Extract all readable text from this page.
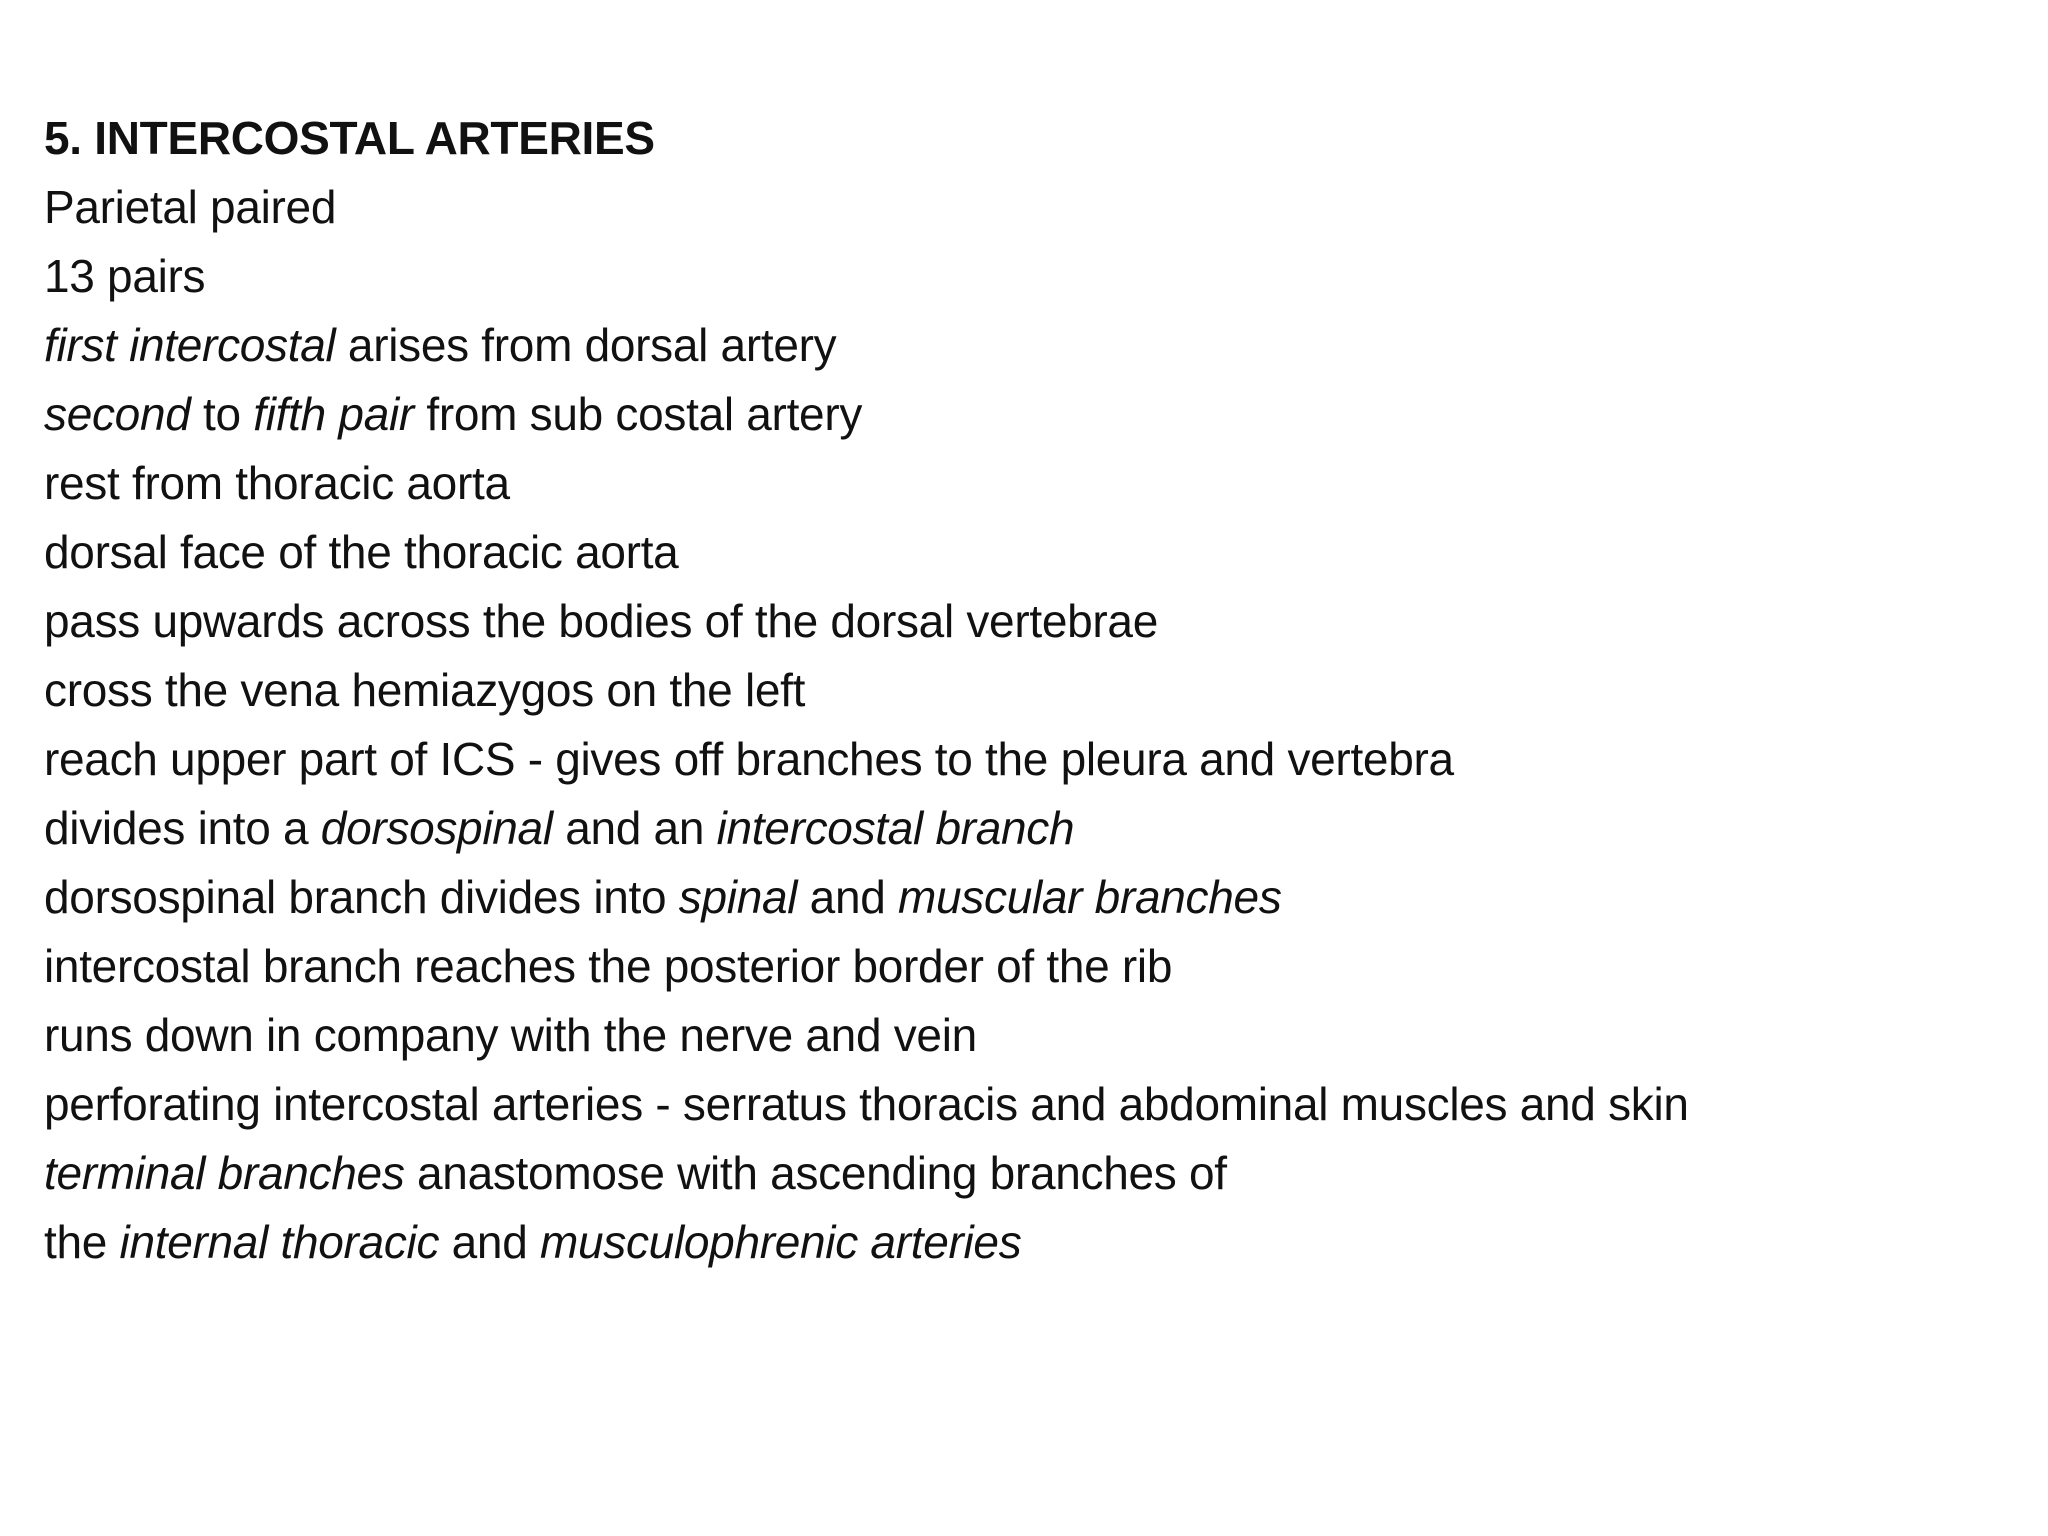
5. INTERCOSTAL ARTERIES
Parietal paired
13 pairs
first intercostal arises from dorsal artery
second to fifth pair from sub costal artery
rest from thoracic aorta
dorsal face of the thoracic aorta
pass upwards across the bodies of the dorsal vertebrae
cross the vena hemiazygos on the left
reach upper part of ICS - gives off branches to the pleura and vertebra
divides into a dorsospinal and an intercostal branch
dorsospinal branch divides into spinal and muscular branches
intercostal branch reaches the posterior border of the rib
runs down in company with the nerve and vein
perforating intercostal arteries - serratus thoracis and abdominal muscles and skin
terminal branches anastomose with ascending branches of
the internal thoracic and musculophrenic arteries
